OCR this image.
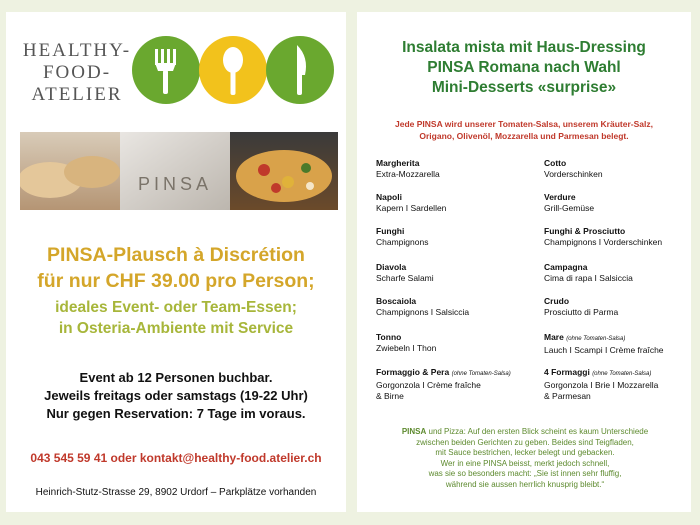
HEALTHY-
FOOD-
ATELIER
PINSA
PINSA-Plausch à Discrétion
für nur CHF 39.00 pro Person;
ideales Event- oder Team-Essen;
in Osteria-Ambiente mit Service
Event ab 12 Personen buchbar.
Jeweils freitags oder samstags (19-22 Uhr)
Nur gegen Reservation: 7 Tage im voraus.
043 545 59 41 oder kontakt@healthy-food.atelier.ch
Heinrich-Stutz-Strasse 29, 8902 Urdorf – Parkplätze vorhanden
Insalata mista mit Haus-Dressing
PINSA Romana nach Wahl
Mini-Desserts «surprise»
Jede PINSA wird unserer Tomaten-Salsa, unserem Kräuter-Salz,
Origano, Olivenöl, Mozzarella und Parmesan belegt.
Margherita
Extra-Mozzarella
Napoli
Kapern I Sardellen
Funghi
Champignons
Diavola
Scharfe Salami
Boscaiola
Champignons I Salsiccia
Tonno
Zwiebeln I Thon
Formaggio & Pera (ohne Tomaten-Salsa)
Gorgonzola I Crème fraîche
& Birne
Cotto
Vorderschinken
Verdure
Grill-Gemüse
Funghi & Prosciutto
Champignons I Vorderschinken
Campagna
Cima di rapa I Salsiccia
Crudo
Prosciutto di Parma
Mare (ohne Tomaten-Salsa)
Lauch I Scampi I Crème fraîche
4 Formaggi (ohne Tomaten-Salsa)
Gorgonzola I Brie I Mozzarella
& Parmesan
PINSA und Pizza: Auf den ersten Blick scheint es kaum Unterschiede
zwischen beiden Gerichten zu geben. Beides sind Teigfladen,
mit Sauce bestrichen, lecker belegt und gebacken.
Wer in eine PINSA beisst, merkt jedoch schnell,
was sie so besonders macht: „Sie ist innen sehr fluffig,
während sie aussen herrlich knusprig bleibt.“
